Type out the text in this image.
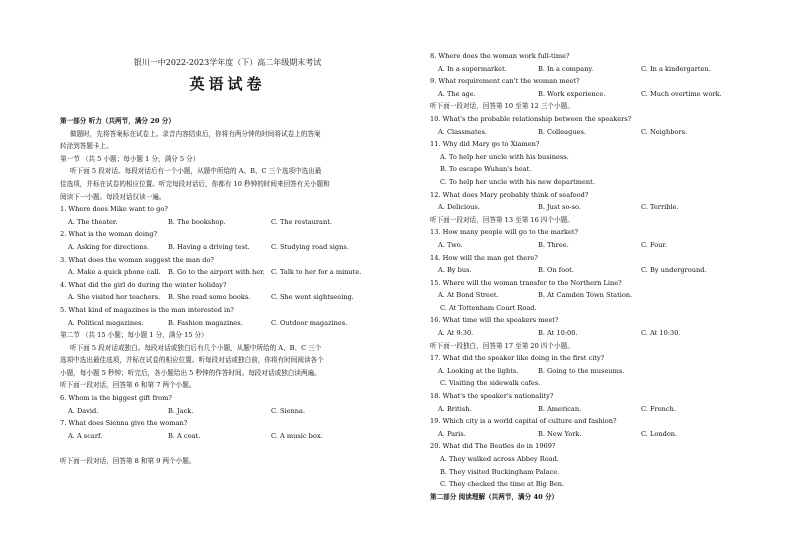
银川一中2022-2023学年度（下）高二年级期末考试
英语试卷
第一部分 听力（共两节，满分 20 分）
做题时，先将答案标在试卷上。录音内容结束后，你将有两分钟的时间将试卷上的答案
转涂到答题卡上。
第一节 （共 5 小题；每小题 1 分，满分 5 分）
听下面 5 段对话。每段对话后有一个小题，从题中所给的 A、B、C 三个选项中选出最
佳选项，并标在试卷的相应位置。听完每段对话后，你都有 10 秒钟的时间来回答有关小题和
阅读下一小题。每段对话仅读一遍。
1. Where does Mike want to go?
A. The theater.	B. The bookshop.	C. The restaurant.
2. What is the woman doing?
A. Asking for directions.	B. Having a driving test.	C. Studying road signs.
3. What does the woman suggest the man do?
A. Make a quick phone call.	B. Go to the airport with her. C. Talk to her for a minute.
4. What did the girl do during the winter holiday?
A. She visited her teachers.	B. She read some books.	C. She went sightseeing.
5. What kind of magazines is the man interested in?
A. Political magazines.	B. Fashion magazines.	C. Outdoor magazines.
第二节 （共 15 小题；每小题 1 分，满分 15 分）
听下面 5 段对话或独白。每段对话或独白后有几个小题，从题中所给的 A、B、C 三个
选项中选出最佳选项，并标在试卷的相应位置。听每段对话或独白前，你将有时间阅读各个
小题，每小题 5 秒钟；听完后，各小题给出 5 秒钟的作答时间。每段对话或独白读两遍。
听下面一段对话，回答第 6 和第 7 两个小题。
6. Whom is the biggest gift from?
A. David.	B. Jack.	C. Sienna.
7. What does Sienna give the woman?
A. A scarf.	B. A coat.	C. A music box.
听下面一段对话，回答第 8 和第 9 两个小题。
8. Where does the woman work full-time?
A. In a supermarket.	B. In a company.	C. In a kindergarten.
9. What requirement can't the woman meet?
A. The age.	B. Work experience.	C. Much overtime work.
听下面一段对话，回答第 10 至第 12 三个小题。
10. What's the probable relationship between the speakers?
A. Classmates.	B. Colleagues.	C. Neighbors.
11. Why did Mary go to Xiamen?
A. To help her uncle with his business.
B. To escape Wuhan's heat.
C. To help her uncle with his new department.
12. What does Mary probably think of seafood?
A. Delicious.	B. Just so-so.	C. Terrible.
听下面一段对话，回答第 13 至第 16 四个小题。
13. How many people will go to the market?
A. Two.	B. Three.	C. Four.
14. How will the man get there?
A. By bus.	B. On foot.	C. By underground.
15. Where will the woman transfer to the Northern Line?
A. At Bond Street.	B. At Camden Town Station.
C. At Tottenham Court Road.
16. What time will the speakers meet?
A. At 9:30.	B. At 10:00.	C. At 10:30.
听下面一段独白，回答第 17 至第 20 四个小题。
17. What did the speaker like doing in the first city?
A. Looking at the lights.	B. Going to the museums.
C. Visiting the sidewalk cafes.
18. What's the speaker's nationality?
A. British.	B. American.	C. French.
19. Which city is a world capital of culture and fashion?
A. Paris.	B. New York.	C. London.
20. What did The Beatles do in 1969?
A. They walked across Abbey Road.
B. They visited Buckingham Palace.
C. They checked the time at Big Ben.
第二部分 阅读理解（共两节，满分 40 分）
